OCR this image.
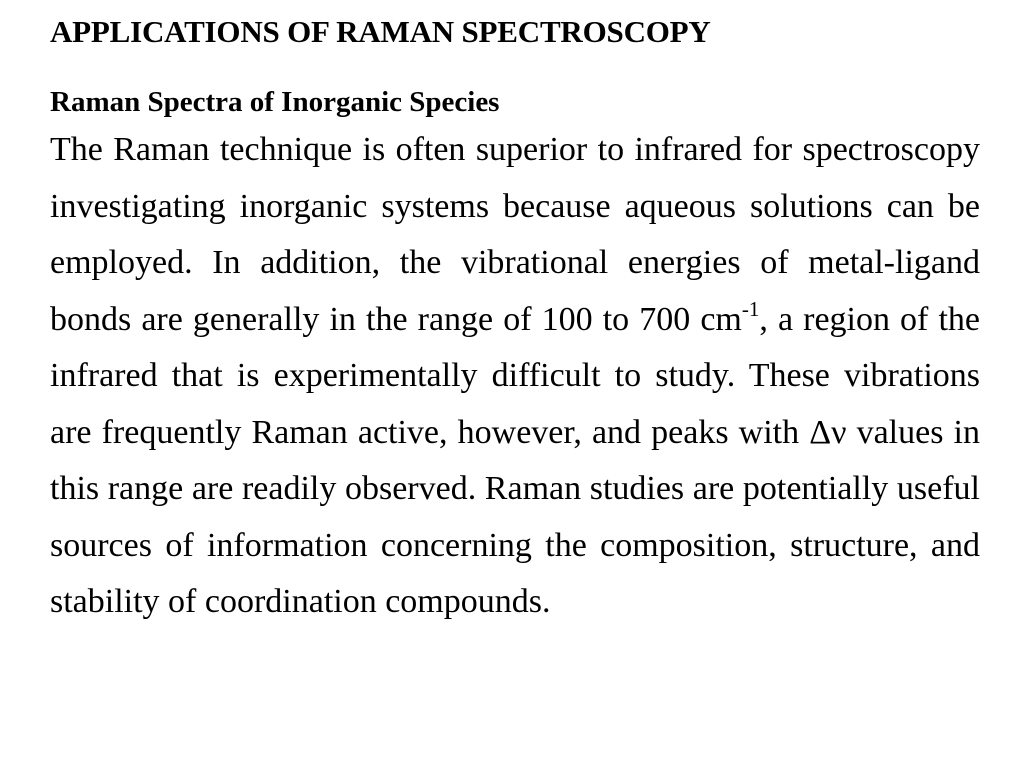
APPLICATIONS OF RAMAN SPECTROSCOPY
Raman Spectra of Inorganic Species

The Raman technique is often superior to infrared for spectroscopy investigating inorganic systems because aqueous solutions can be employed. In addition, the vibrational energies of metal-ligand bonds are generally in the range of 100 to 700 $cm^{-1}$, a region of the infrared that is experimentally difficult to study. These vibrations are frequently Raman active, however, and peaks with Δν values in this range are readily observed. Raman studies are potentially useful sources of information concerning the composition, structure, and stability of coordination compounds.
